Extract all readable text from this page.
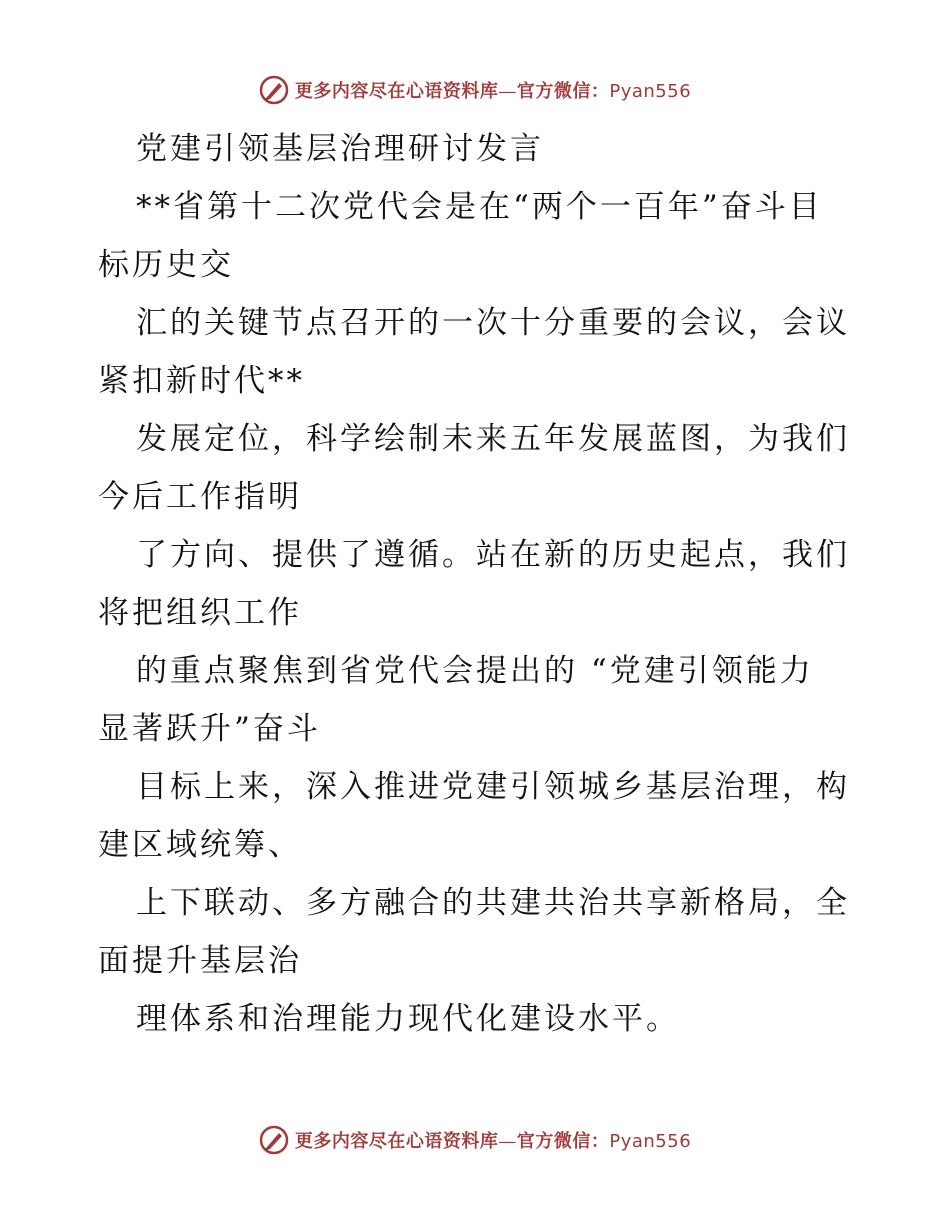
更多内容尽在心语资料库—官方微信：Pyan556
党建引领基层治理研讨发言
**省第十二次党代会是在“两个一百年”奋斗目
标历史交
汇的关键节点召开的一次十分重要的会议，会议
紧扣新时代**
发展定位，科学绘制未来五年发展蓝图，为我们
今后工作指明
了方向、提供了遵循。站在新的历史起点，我们
将把组织工作
的重点聚焦到省党代会提出的 “党建引领能力
显著跃升”奋斗
目标上来，深入推进党建引领城乡基层治理，构
建区域统筹、
上下联动、多方融合的共建共治共享新格局，全
面提升基层治
理体系和治理能力现代化建设水平。
更多内容尽在心语资料库—官方微信：Pyan556
